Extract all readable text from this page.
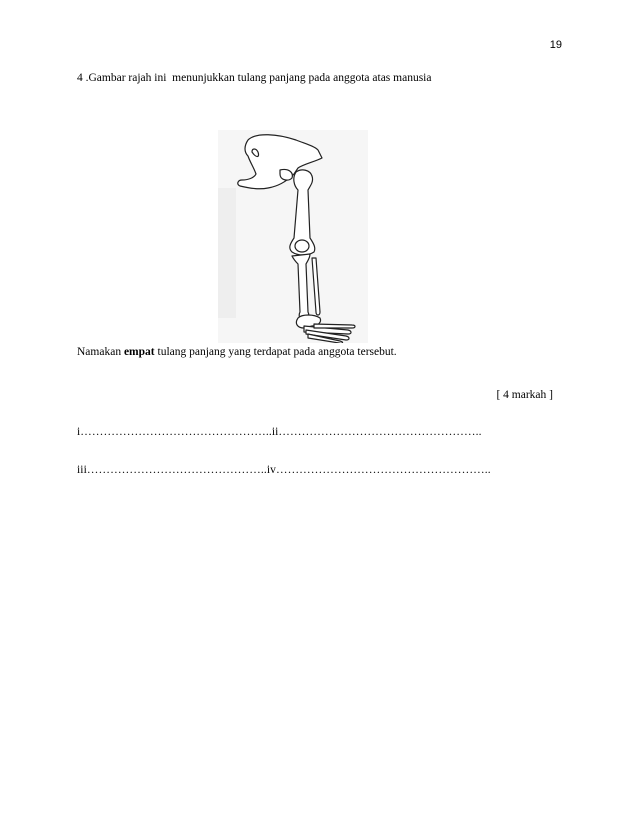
19
4 .Gambar rajah ini  menunjukkan tulang panjang pada anggota atas manusia
Namakan empat tulang panjang yang terdapat pada anggota tersebut.
[ 4 markah ]
i…………………………………………..ii……………………………………………..
iii………………………………………..iv………………………………………………..
